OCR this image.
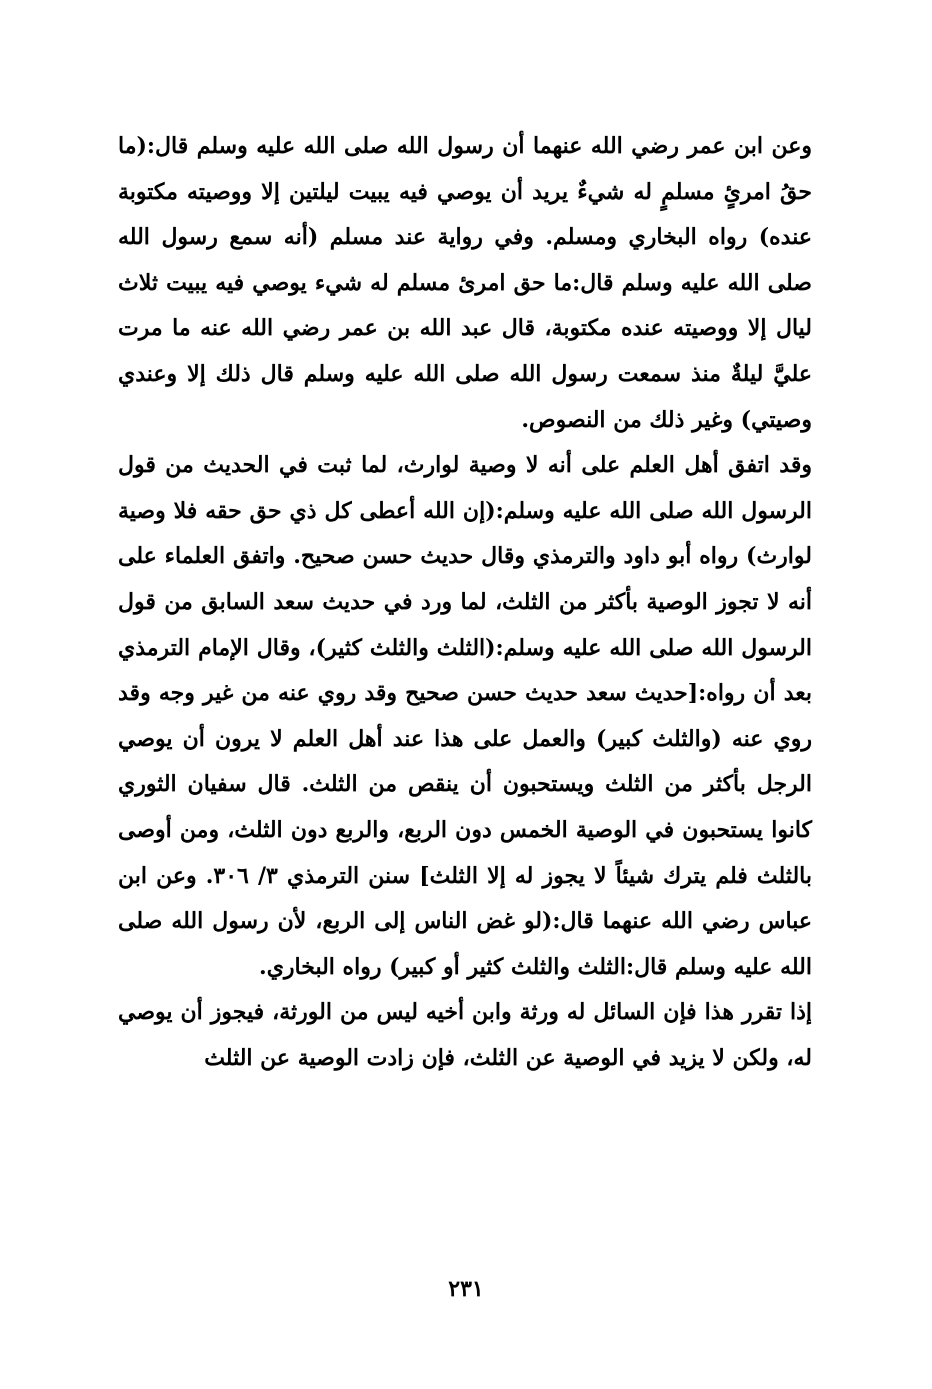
وعن ابن عمر رضي الله عنهما أن رسول الله صلى الله عليه وسلم قال:(ما حقُ امرئٍ مسلمٍ له شيءٌ يريد أن يوصي فيه يبيت ليلتين إلا ووصيته مكتوبة عنده) رواه البخاري ومسلم. وفي رواية عند مسلم (أنه سمع رسول الله صلى الله عليه وسلم قال:ما حق امرئ مسلم له شيء يوصي فيه يبيت ثلاث ليال إلا ووصيته عنده مكتوبة، قال عبد الله بن عمر رضي الله عنه ما مرت عليَّ ليلةٌ منذ سمعت رسول الله صلى الله عليه وسلم قال ذلك إلا وعندي وصيتي) وغير ذلك من النصوص.

وقد اتفق أهل العلم على أنه لا وصية لوارث، لما ثبت في الحديث من قول الرسول الله صلى الله عليه وسلم:(إن الله أعطى كل ذي حق حقه فلا وصية لوارث) رواه أبو داود والترمذي وقال حديث حسن صحيح. واتفق العلماء على أنه لا تجوز الوصية بأكثر من الثلث، لما ورد في حديث سعد السابق من قول الرسول الله صلى الله عليه وسلم:(الثلث والثلث كثير)، وقال الإمام الترمذي بعد أن رواه:[حديث سعد حديث حسن صحيح وقد روي عنه من غير وجه وقد روي عنه (والثلث كبير) والعمل على هذا عند أهل العلم لا يرون أن يوصي الرجل بأكثر من الثلث ويستحبون أن ينقص من الثلث. قال سفيان الثوري كانوا يستحبون في الوصية الخمس دون الربع، والربع دون الثلث، ومن أوصى بالثلث فلم يترك شيئاً لا يجوز له إلا الثلث] سنن الترمذي ٣/ ٣٠٦. وعن ابن عباس رضي الله عنهما قال:(لو غض الناس إلى الربع، لأن رسول الله صلى الله عليه وسلم قال:الثلث والثلث كثير أو كبير) رواه البخاري.

إذا تقرر هذا فإن السائل له ورثة وابن أخيه ليس من الورثة، فيجوز أن يوصي له، ولكن لا يزيد في الوصية عن الثلث، فإن زادت الوصية عن الثلث

٢٣١
